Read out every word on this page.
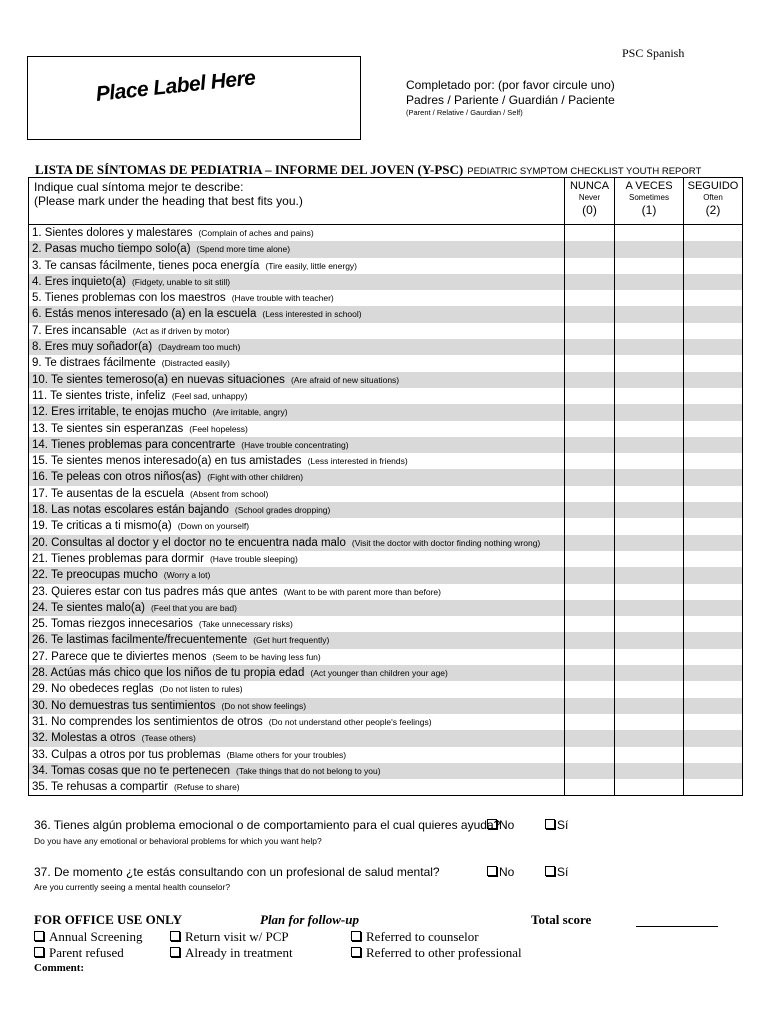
PSC Spanish
Place Label Here	Completado por: (por favor circule uno)
Padres / Pariente / Guardián / Paciente
(Parent / Relative / Gaurdian / Self)
LISTA DE SÍNTOMAS DE PEDIATRIA – INFORME DEL JOVEN (Y-PSC) PEDIATRIC SYMPTOM CHECKLIST YOUTH REPORT
Indique cual síntoma mejor te describe:
(Please mark under the heading that best fits you.)
NUNCA
Never
(0)
A VECES
Sometimes
(1)
SEGUIDO
Often
(2)
1. Sientes dolores y malestares (Complain of aches and pains)
2. Pasas mucho tiempo solo(a) (Spend more time alone)
3. Te cansas fácilmente, tienes poca energía (Tire easily, little energy)
4. Eres inquieto(a) (Fidgety, unable to sit still)
5. Tienes problemas con los maestros (Have trouble with teacher)
6. Estás menos interesado (a) en la escuela (Less interested in school)
7. Eres incansable (Act as if driven by motor)
8. Eres muy soñador(a) (Daydream too much)
9. Te distraes fácilmente (Distracted easily)
10. Te sientes temeroso(a) en nuevas situaciones (Are afraid of new situations)
11. Te sientes triste, infeliz (Feel sad, unhappy)
12. Eres irritable, te enojas mucho (Are irritable, angry)
13. Te sientes sin esperanzas (Feel hopeless)
14. Tienes problemas para concentrarte (Have trouble concentrating)
15. Te sientes menos interesado(a) en tus amistades (Less interested in friends)
16. Te peleas con otros niños(as) (Fight with other children)
17. Te ausentas de la escuela (Absent from school)
18. Las notas escolares están bajando (School grades dropping)
19. Te criticas a ti mismo(a) (Down on yourself)
20. Consultas al doctor y el doctor no te encuentra nada malo (Visit the doctor with doctor finding nothing wrong)
21. Tienes problemas para dormir (Have trouble sleeping)
22. Te preocupas mucho (Worry a lot)
23. Quieres estar con tus padres más que antes (Want to be with parent more than before)
24. Te sientes malo(a) (Feel that you are bad)
25. Tomas riezgos innecesarios (Take unnecessary risks)
26. Te lastimas facilmente/frecuentemente (Get hurt frequently)
27. Parece que te diviertes menos (Seem to be having less fun)
28. Actúas más chico que los niños de tu propia edad (Act younger than children your age)
29. No obedeces reglas (Do not listen to rules)
30. No demuestras tus sentimientos (Do not show feelings)
31. No comprendes los sentimientos de otros (Do not understand other people's feelings)
32. Molestas a otros (Tease others)
33. Culpas a otros por tus problemas (Blame others for your troubles)
34. Tomas cosas que no te pertenecen (Take things that do not belong to you)
35. Te rehusas a compartir (Refuse to share)
36. Tienes algún problema emocional o de comportamiento para el cual quieres ayuda?
Do you have any emotional or behavioral problems for which you want help?
No	Sí
37. De momento ¿te estás consultando con un profesional de salud mental?
Are you currently seeing a mental health counselor?
No	Sí
FOR OFFICE USE ONLY	Plan for follow-up	Total score
Annual Screening	Return visit w/ PCP	Referred to counselor
Parent refused	Already in treatment	Referred to other professional
Comment:
